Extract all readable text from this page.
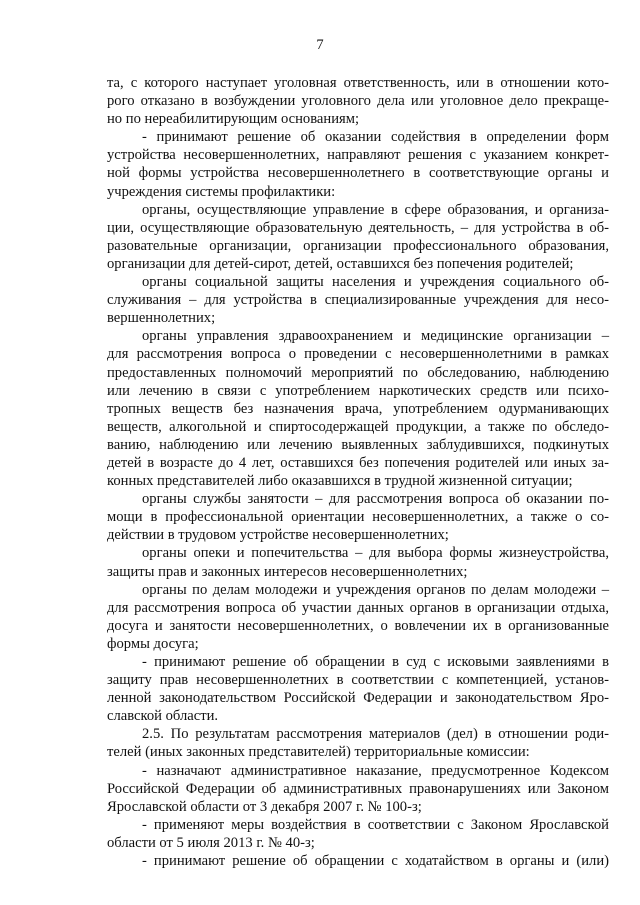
7
та, с которого наступает уголовная ответственность, или в отношении кото-
рого отказано в возбуждении уголовного дела или уголовное дело прекраще-
но по нереабилитирующим основаниям;
- принимают решение об оказании содействия в определении форм
устройства несовершеннолетних, направляют решения с указанием конкрет-
ной формы устройства несовершеннолетнего в соответствующие органы и
учреждения системы профилактики:
органы, осуществляющие управление в сфере образования, и организа-
ции, осуществляющие образовательную деятельность, – для устройства в об-
разовательные организации, организации профессионального образования,
организации для детей-сирот, детей, оставшихся без попечения родителей;
органы социальной защиты населения и учреждения социального об-
служивания – для устройства в специализированные учреждения для несо-
вершеннолетних;
органы управления здравоохранением и медицинские организации –
для рассмотрения вопроса о проведении с несовершеннолетними в рамках
предоставленных полномочий мероприятий по обследованию, наблюдению
или лечению в связи с употреблением наркотических средств или психо-
тропных веществ без назначения врача, употреблением одурманивающих
веществ, алкогольной и спиртосодержащей продукции, а также по обследо-
ванию, наблюдению или лечению выявленных заблудившихся, подкинутых
детей в возрасте до 4 лет, оставшихся без попечения родителей или иных за-
конных представителей либо оказавшихся в трудной жизненной ситуации;
органы службы занятости – для рассмотрения вопроса об оказании по-
мощи в профессиональной ориентации несовершеннолетних, а также о со-
действии в трудовом устройстве несовершеннолетних;
органы опеки и попечительства – для выбора формы жизнеустройства,
защиты прав и законных интересов несовершеннолетних;
органы по делам молодежи и учреждения органов по делам молодежи –
для рассмотрения вопроса об участии данных органов в организации отдыха,
досуга и занятости несовершеннолетних, о вовлечении их в организованные
формы досуга;
- принимают решение об обращении в суд с исковыми заявлениями в
защиту прав несовершеннолетних в соответствии с компетенцией, установ-
ленной законодательством Российской Федерации и законодательством Яро-
славской области.
2.5. По результатам рассмотрения материалов (дел) в отношении роди-
телей (иных законных представителей) территориальные комиссии:
- назначают административное наказание, предусмотренное Кодексом
Российской Федерации об административных правонарушениях или Законом
Ярославской области от 3 декабря 2007 г. № 100-з;
- применяют меры воздействия в соответствии с Законом Ярославской
области от 5 июля 2013 г. № 40-з;
- принимают решение об обращении с ходатайством в органы и (или)
